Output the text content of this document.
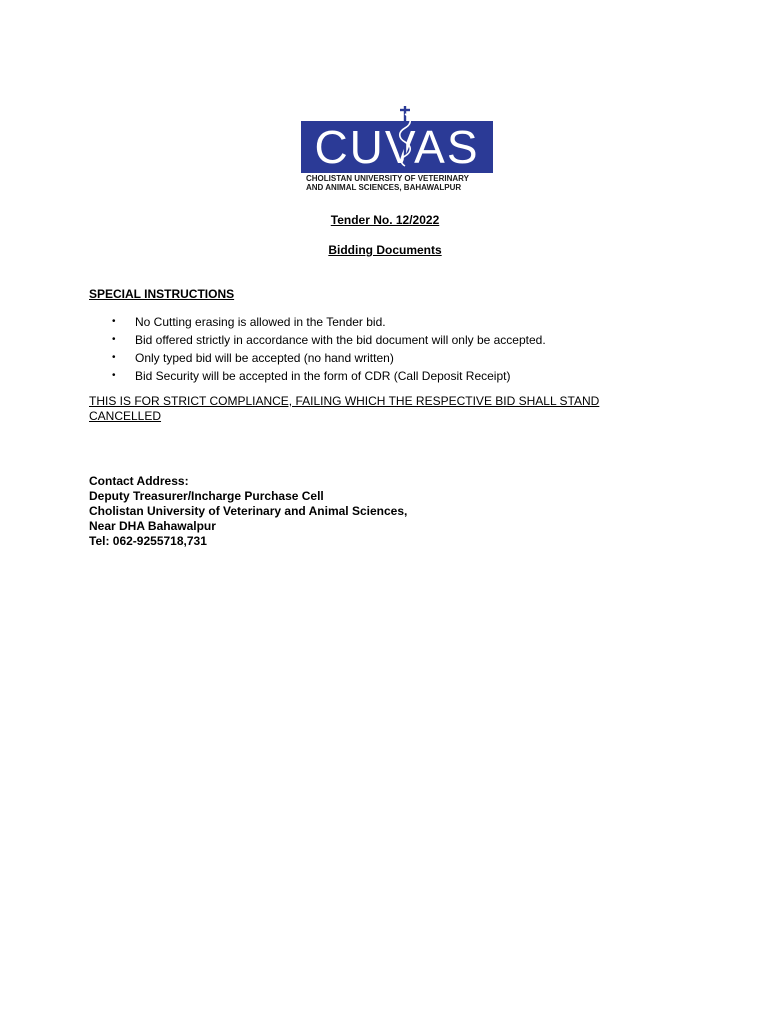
CUVAS
CHOLISTAN UNIVERSITY OF VETERINARY
AND ANIMAL SCIENCES, BAHAWALPUR
Tender No. 12/2022
Bidding Documents
SPECIAL INSTRUCTIONS
• No Cutting erasing is allowed in the Tender bid.
• Bid offered strictly in accordance with the bid document will only be accepted.
• Only typed bid will be accepted (no hand written)
• Bid Security will be accepted in the form of CDR (Call Deposit Receipt)
THIS IS FOR STRICT COMPLIANCE, FAILING WHICH THE RESPECTIVE BID SHALL STAND CANCELLED
Contact Address:
Deputy Treasurer/Incharge Purchase Cell
Cholistan University of Veterinary and Animal Sciences,
Near DHA Bahawalpur
Tel: 062-9255718,731
